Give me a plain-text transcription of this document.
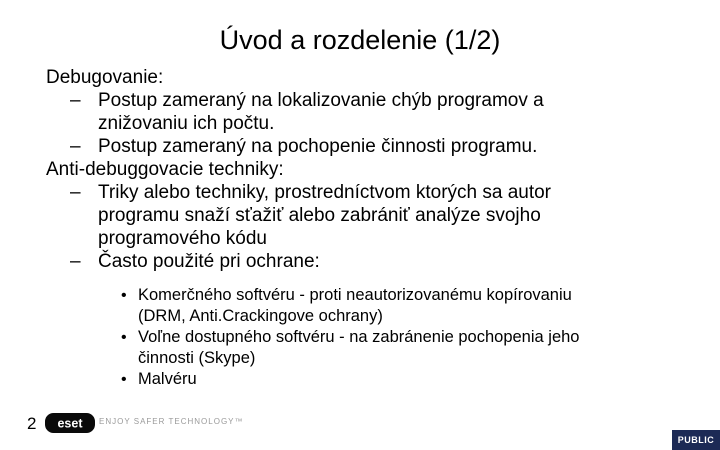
Úvod a rozdelenie (1/2)
Debugovanie:
– Postup zameraný na lokalizovanie chýb programov a
znižovaniu ich počtu.
– Postup zameraný na pochopenie činnosti programu.
Anti-debuggovacie techniky:
– Triky alebo techniky, prostredníctvom ktorých sa autor
programu snaží sťažiť alebo zabrániť analýze svojho
programového kódu
– Často použité pri ochrane:
• Komerčného softvéru - proti neautorizovanému kopírovaniu
(DRM, Anti.Crackingove ochrany)
• Voľne dostupného softvéru - na zabránenie pochopenia jeho
činnosti (Skype)
• Malvéru
2 eset ENJOY SAFER TECHNOLOGY™
PUBLIC
